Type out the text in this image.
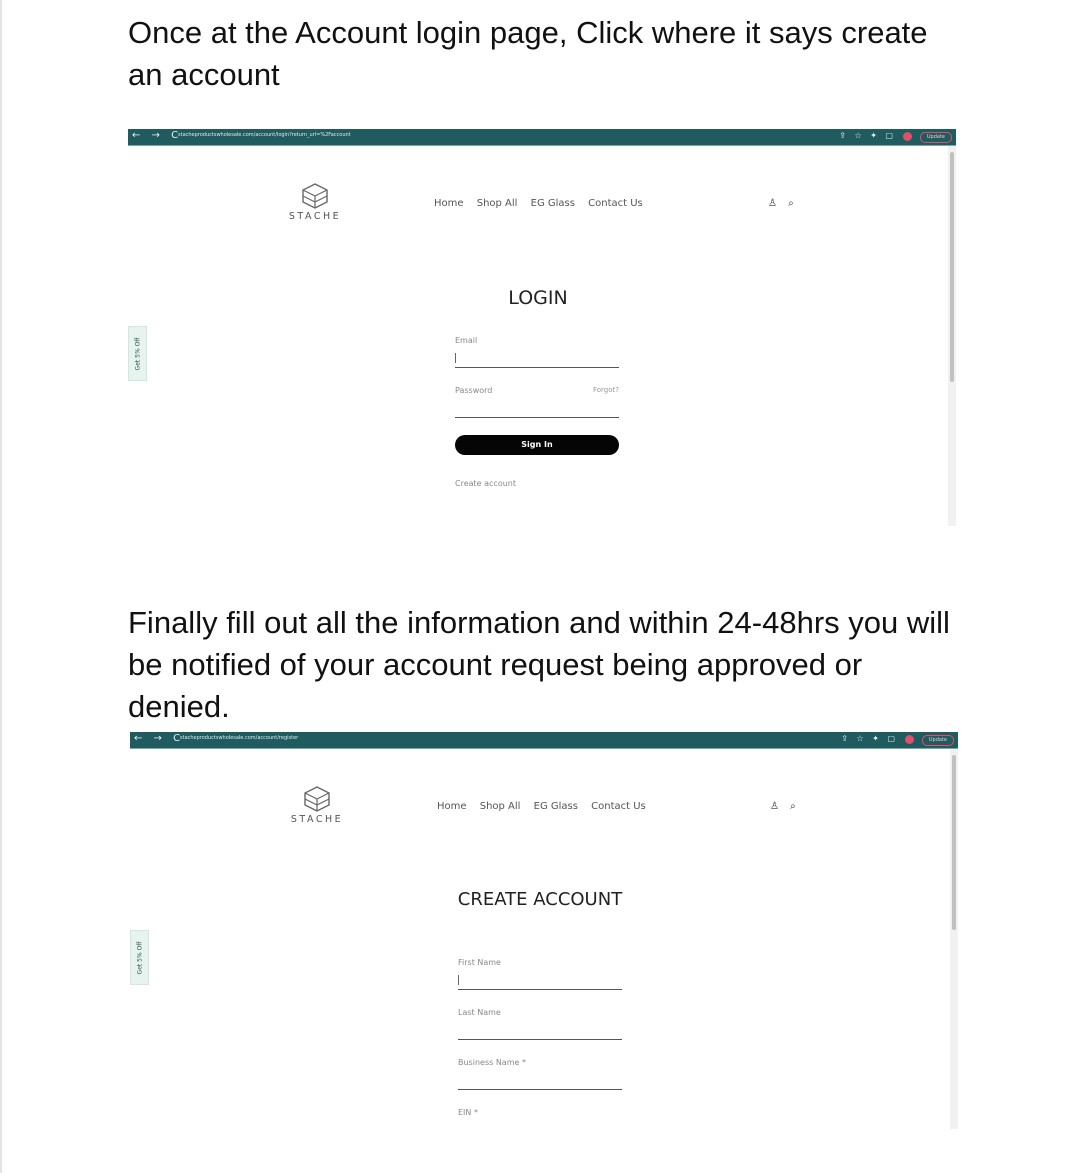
Once at the Account login page, Click where it says create an account

← → C
stacheproductswholesale.com/account/login?return_url=%2Faccount	⇪ ☆ ✦ ▢	Update
Get 5% Off
STACHE
Home Shop All EG Glass Contact Us	♙ ⌕
LOGIN
Email
Password	Forgot?
Sign In
Create account

Finally fill out all the information and within 24-48hrs you will be notified of your account request being approved or denied.

← → C
stacheproductswholesale.com/account/register	⇪ ☆ ✦ ▢	Update
Get 5% Off
STACHE
Home Shop All EG Glass Contact Us	♙ ⌕
CREATE ACCOUNT
First Name
Last Name
Business Name *
EIN *
